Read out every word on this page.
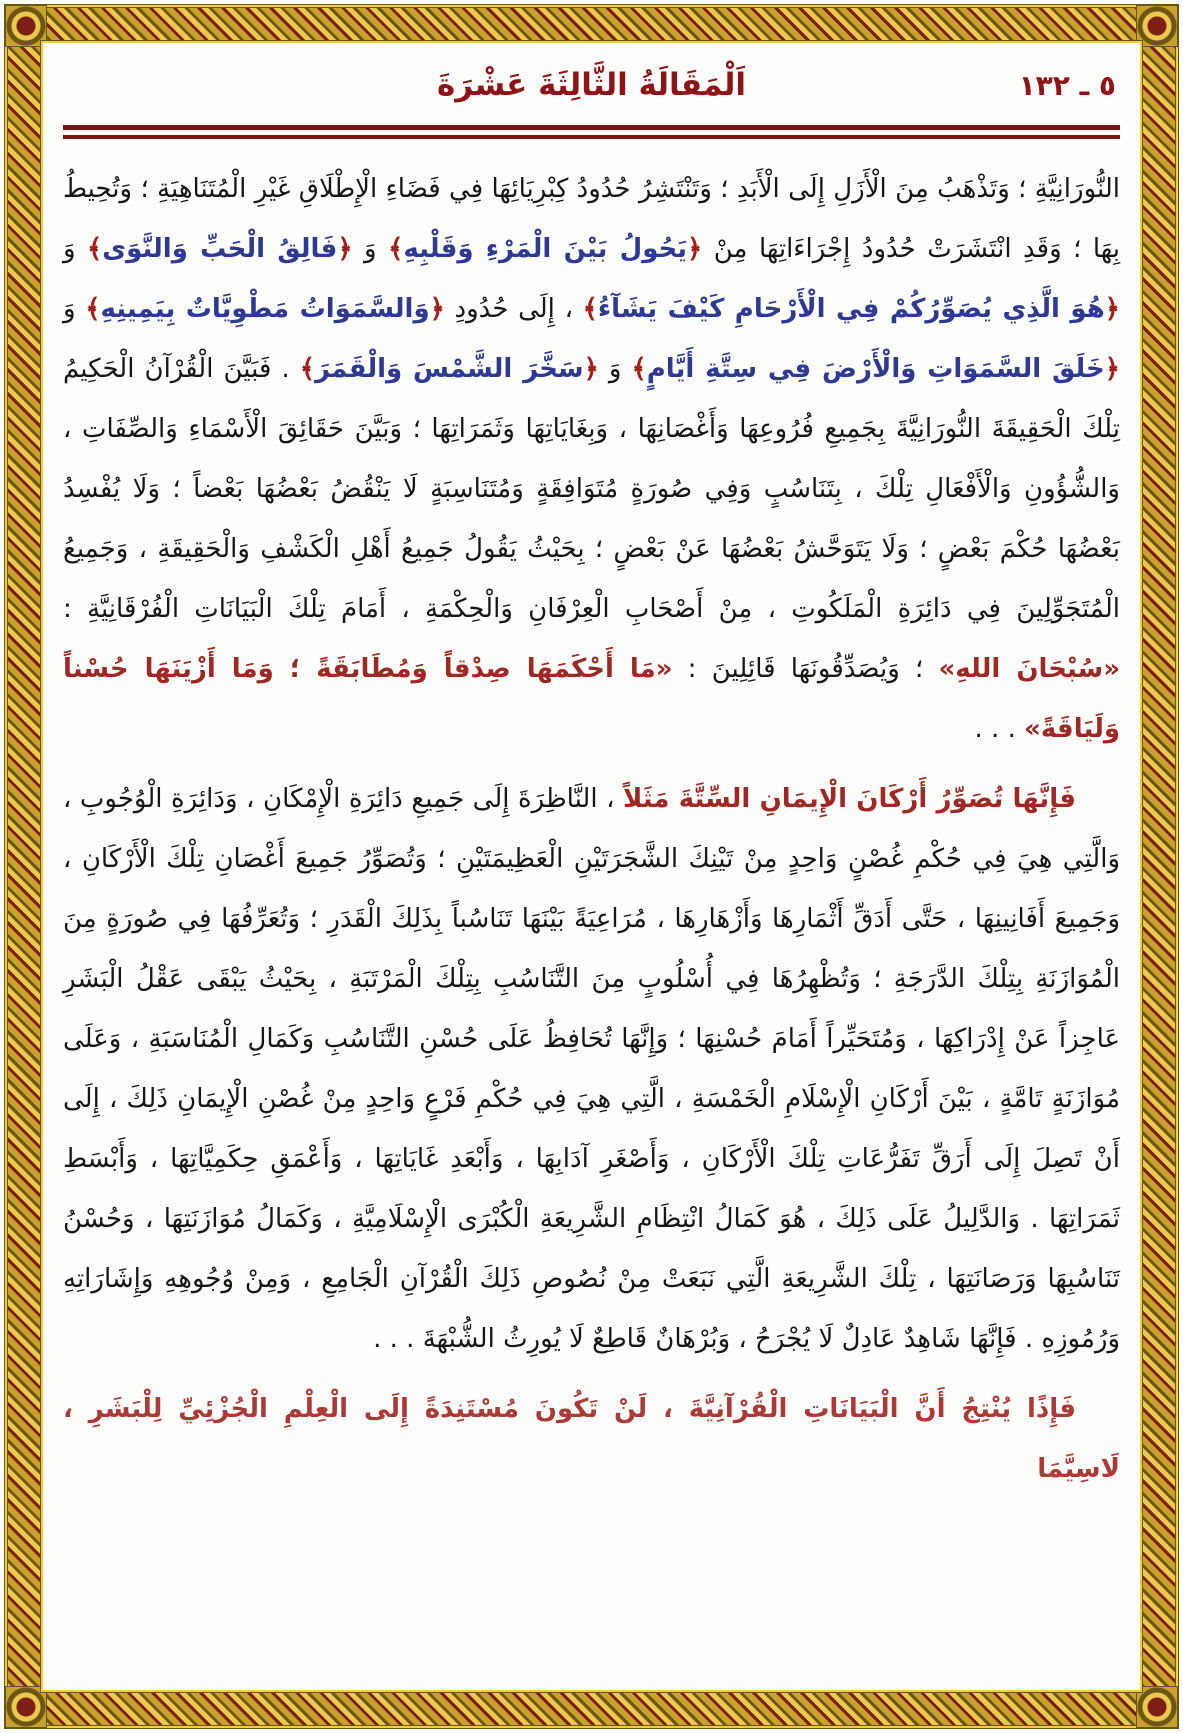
اَلْمَقَالَةُ الثَّالِثَةَ عَشْرَةَ	١٣٢ ـ ٥

النُّورَانِيَّةِ ؛ وَتَذْهَبُ مِنَ الْأَزَلِ إِلَى الْأَبَدِ ؛ وَتَنْتَشِرُ حُدُودُ كِبْرِيَائِهَا فِي فَضَاءِ الْإِطْلَاقِ غَيْرِ الْمُتَنَاهِيَةِ ؛ وَتُحِيطُ بِهَا ؛ وَقَدِ انْتَشَرَتْ حُدُودُ إِجْرَاءَاتِهَا مِنْ ﴿يَحُولُ بَيْنَ الْمَرْءِ وَقَلْبِهِ﴾ وَ ﴿فَالِقُ الْحَبِّ وَالنَّوَى﴾ وَ ﴿هُوَ الَّذِي يُصَوِّرُكُمْ فِي الْأَرْحَامِ كَيْفَ يَشَآءُ﴾ ، إِلَى حُدُودِ ﴿وَالسَّمَوَاتُ مَطْوِيَّاتٌ بِيَمِينِهِ﴾ وَ ﴿خَلَقَ السَّمَوَاتِ وَالْأَرْضَ فِي سِتَّةِ أَيَّامٍ﴾ وَ ﴿سَخَّرَ الشَّمْسَ وَالْقَمَرَ﴾ . فَبَيَّنَ الْقُرْآنُ الْحَكِيمُ تِلْكَ الْحَقِيقَةَ النُّورَانِيَّةَ بِجَمِيعِ فُرُوعِهَا وَأَغْصَانِهَا ، وَبِغَايَاتِهَا وَثَمَرَاتِهَا ؛ وَبَيَّنَ حَقَائِقَ الْأَسْمَاءِ وَالصِّفَاتِ ، وَالشُّؤُونِ وَالْأَفْعَالِ تِلْكَ ، بِتَنَاسُبٍ وَفِي صُورَةٍ مُتَوَافِقَةٍ وَمُتَنَاسِبَةٍ لَا يَنْقُضُ بَعْضُهَا بَعْضاً ؛ وَلَا يُفْسِدُ بَعْضُهَا حُكْمَ بَعْضٍ ؛ وَلَا يَتَوَحَّشُ بَعْضُهَا عَنْ بَعْضٍ ؛ بِحَيْثُ يَقُولُ جَمِيعُ أَهْلِ الْكَشْفِ وَالْحَقِيقَةِ ، وَجَمِيعُ الْمُتَجَوِّلِينَ فِي دَائِرَةِ الْمَلَكُوتِ ، مِنْ أَصْحَابِ الْعِرْفَانِ وَالْحِكْمَةِ ، أَمَامَ تِلْكَ الْبَيَانَاتِ الْفُرْقَانِيَّةِ : «سُبْحَانَ اللهِ» ؛ وَيُصَدِّقُونَهَا قَائِلِينَ : «مَا أَحْكَمَهَا صِدْقاً وَمُطَابَقَةً ؛ وَمَا أَزْيَنَهَا حُسْناً وَلَيَاقَةً» . . .

فَإِنَّهَا تُصَوِّرُ أَرْكَانَ الْإِيمَانِ السِّتَّةَ مَثَلاً ، النَّاظِرَةَ إِلَى جَمِيعِ دَائِرَةِ الْإِمْكَانِ ، وَدَائِرَةِ الْوُجُوبِ ، وَالَّتِي هِيَ فِي حُكْمِ غُصْنٍ وَاحِدٍ مِنْ تَيْنِكَ الشَّجَرَتَيْنِ الْعَظِيمَتَيْنِ ؛ وَتُصَوِّرُ جَمِيعَ أَغْصَانِ تِلْكَ الْأَرْكَانِ ، وَجَمِيعَ أَفَانِينِهَا ، حَتَّى أَدَقِّ أَثْمَارِهَا وَأَزْهَارِهَا ، مُرَاعِيَةً بَيْنَهَا تَنَاسُباً بِذَلِكَ الْقَدَرِ ؛ وَتُعَرِّفُهَا فِي صُورَةٍ مِنَ الْمُوَازَنَةِ بِتِلْكَ الدَّرَجَةِ ؛ وَتُظْهِرُهَا فِي أُسْلُوبٍ مِنَ التَّنَاسُبِ بِتِلْكَ الْمَرْتَبَةِ ، بِحَيْثُ يَبْقَى عَقْلُ الْبَشَرِ عَاجِزاً عَنْ إِدْرَاكِهَا ، وَمُتَحَيِّراً أَمَامَ حُسْنِهَا ؛ وَإِنَّهَا تُحَافِظُ عَلَى حُسْنِ التَّنَاسُبِ وَكَمَالِ الْمُنَاسَبَةِ ، وَعَلَى مُوَازَنَةٍ تَامَّةٍ ، بَيْنَ أَرْكَانِ الْإِسْلَامِ الْخَمْسَةِ ، الَّتِي هِيَ فِي حُكْمِ فَرْعٍ وَاحِدٍ مِنْ غُصْنِ الْإِيمَانِ ذَلِكَ ، إِلَى أَنْ تَصِلَ إِلَى أَرَقِّ تَفَرُّعَاتِ تِلْكَ الْأَرْكَانِ ، وَأَصْغَرِ آدَابِهَا ، وَأَبْعَدِ غَايَاتِهَا ، وَأَعْمَقِ حِكَمِيَّاتِهَا ، وَأَبْسَطِ ثَمَرَاتِهَا . وَالدَّلِيلُ عَلَى ذَلِكَ ، هُوَ كَمَالُ انْتِظَامِ الشَّرِيعَةِ الْكُبْرَى الْإِسْلَامِيَّةِ ، وَكَمَالُ مُوَازَنَتِهَا ، وَحُسْنُ تَنَاسُبِهَا وَرَصَانَتِهَا ، تِلْكَ الشَّرِيعَةِ الَّتِي نَبَعَتْ مِنْ نُصُوصِ ذَلِكَ الْقُرْآنِ الْجَامِعِ ، وَمِنْ وُجُوهِهِ وَإِشَارَاتِهِ وَرُمُوزِهِ . فَإِنَّهَا شَاهِدٌ عَادِلٌ لَا يُجْرَحُ ، وَبُرْهَانٌ قَاطِعٌ لَا يُورِثُ الشُّبْهَةَ . . .

فَإِذًا يُنْتِجُ أَنَّ الْبَيَانَاتِ الْقُرْآنِيَّةَ ، لَنْ تَكُونَ مُسْتَنِدَةً إِلَى الْعِلْمِ الْجُزْئِيِّ لِلْبَشَرِ ، لَاسِيَّمَا
